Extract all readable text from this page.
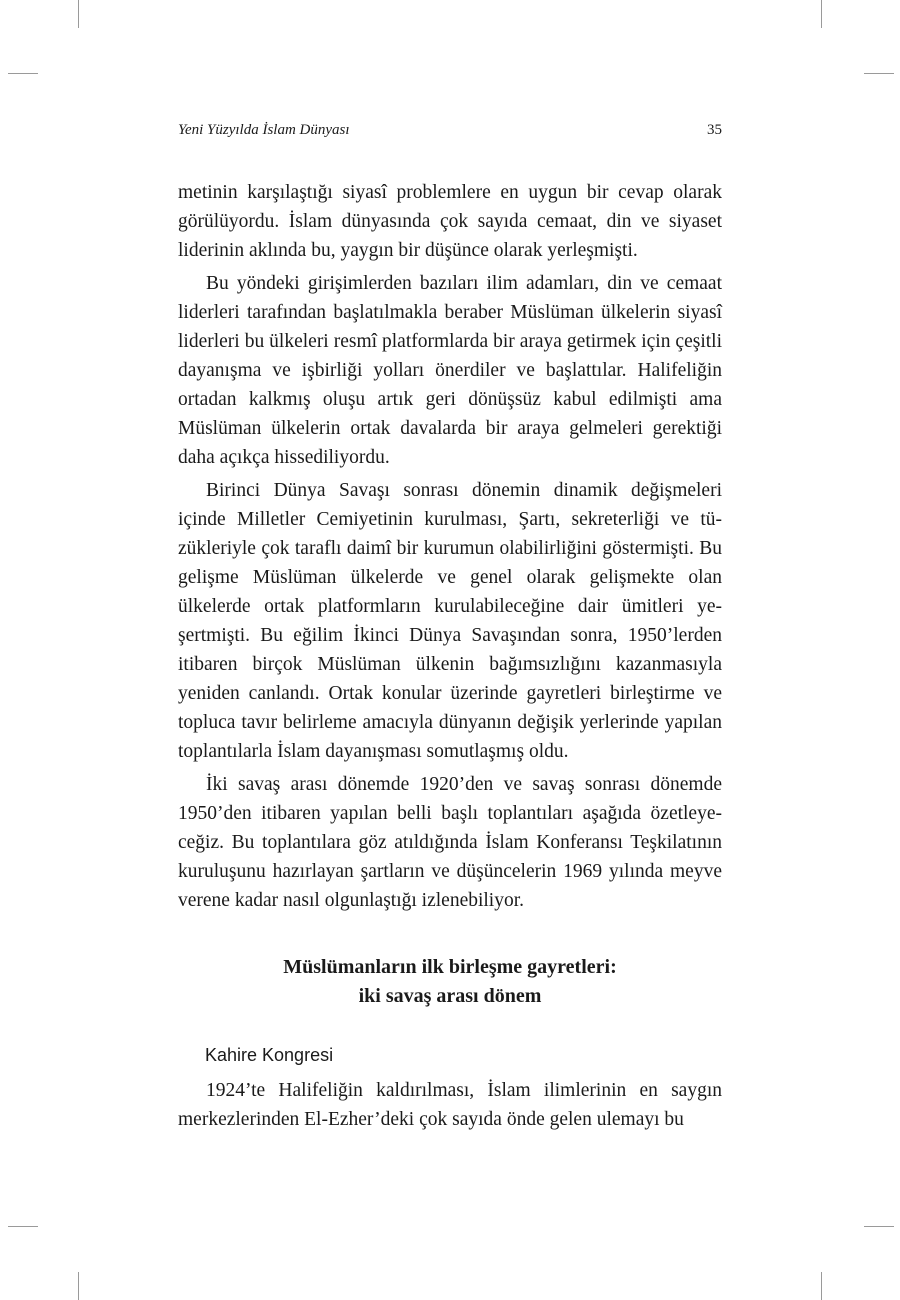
Yeni Yüzyılda İslam Dünyası	35

metinin karşılaştığı siyasî problemlere en uygun bir cevap olarak görülüyordu. İslam dünyasında çok sayıda cemaat, din ve siyaset liderinin aklında bu, yaygın bir düşünce olarak yerleşmişti.

Bu yöndeki girişimlerden bazıları ilim adamları, din ve cemaat liderleri tarafından başlatılmakla beraber Müslüman ülkelerin siyasî liderleri bu ülkeleri resmî platformlarda bir araya getirmek için çeşitli dayanışma ve işbirliği yolları önerdiler ve başlattılar. Halifeliğin ortadan kalkmış oluşu artık geri dönüşsüz kabul edilmişti ama Müslüman ülkelerin ortak davalarda bir araya gelmeleri gerektiği daha açıkça hissediliyordu.

Birinci Dünya Savaşı sonrası dönemin dinamik değişmeleri içinde Milletler Cemiyetinin kurulması, Şartı, sekreterliği ve tüzükleriyle çok taraflı daimî bir kurumun olabilirliğini göstermişti. Bu gelişme Müslüman ülkelerde ve genel olarak gelişmekte olan ülkelerde ortak platformların kurulabileceğine dair ümitleri yeşertmişti. Bu eğilim İkinci Dünya Savaşından sonra, 1950’lerden itibaren birçok Müslüman ülkenin bağımsızlığını kazanmasıyla yeniden canlandı. Ortak konular üzerinde gayretleri birleştirme ve topluca tavır belirleme amacıyla dünyanın değişik yerlerinde yapılan toplantılarla İslam dayanışması somutlaşmış oldu.

İki savaş arası dönemde 1920’den ve savaş sonrası dönemde 1950’den itibaren yapılan belli başlı toplantıları aşağıda özetleyeceğiz. Bu toplantılara göz atıldığında İslam Konferansı Teşkilatının kuruluşunu hazırlayan şartların ve düşüncelerin 1969 yılında meyve verene kadar nasıl olgunlaştığı izlenebiliyor.

Müslümanların ilk birleşme gayretleri:
iki savaş arası dönem
Kahire Kongresi

1924’te Halifeliğin kaldırılması, İslam ilimlerinin en saygın merkezlerinden El-Ezher’deki çok sayıda önde gelen ulemayı bu
